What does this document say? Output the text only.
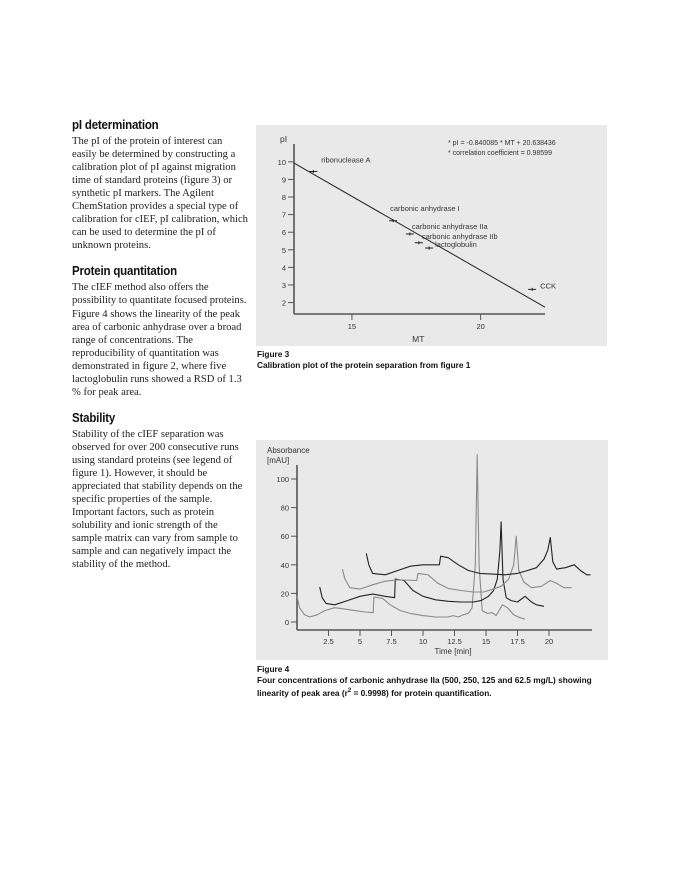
pI determination

The pI of the protein of interest can easily be determined by constructing a calibration plot of pI against migration time of standard proteins (figure 3) or synthetic pI markers. The Agilent ChemStation provides a special type of calibration for cIEF, pI calibration, which can be used to determine the pI of unknown proteins.

Protein quantitation

The cIEF method also offers the possibility to quantitate focused proteins. Figure 4 shows the linearity of the peak area of carbonic anhydrase over a broad range of concentrations. The reproducibility of quantitation was demonstrated in figure 2, where five lactoglobulin runs showed a RSD of 1.3 % for peak area.

Stability

Stability of the cIEF separation was observed for over 200 consecutive runs using standard proteins (see legend of figure 1). However, it should be appreciated that stability depends on the specific properties of the sample. Important factors, such as protein solubility and ionic strength of the sample matrix can vary from sample to sample and can negatively impact the stability of the method.

pI
MT
2
3
4
5
6
7
8
9
10
15	20
ribonuclease A
carbonic anhydrase I
carbonic anhydrase IIa
carbonic anhydrase IIb
lactoglobulin
CCK
* pI = -0.840085 * MT + 20.638436
* correlation coefficient = 0.98599
Figure 3
Calibration plot of the protein separation from figure 1
Absorbance
[mAU]
Time [min]
0
20
40
60
80
100
2.5	5	7.5	10	12.5	15	17.5	20
Figure 4
Four concentrations of carbonic anhydrase IIa (500, 250, 125 and 62.5 mg/L) showing linearity of peak area $(r^2 = 0.9998)$ for protein quantification.
